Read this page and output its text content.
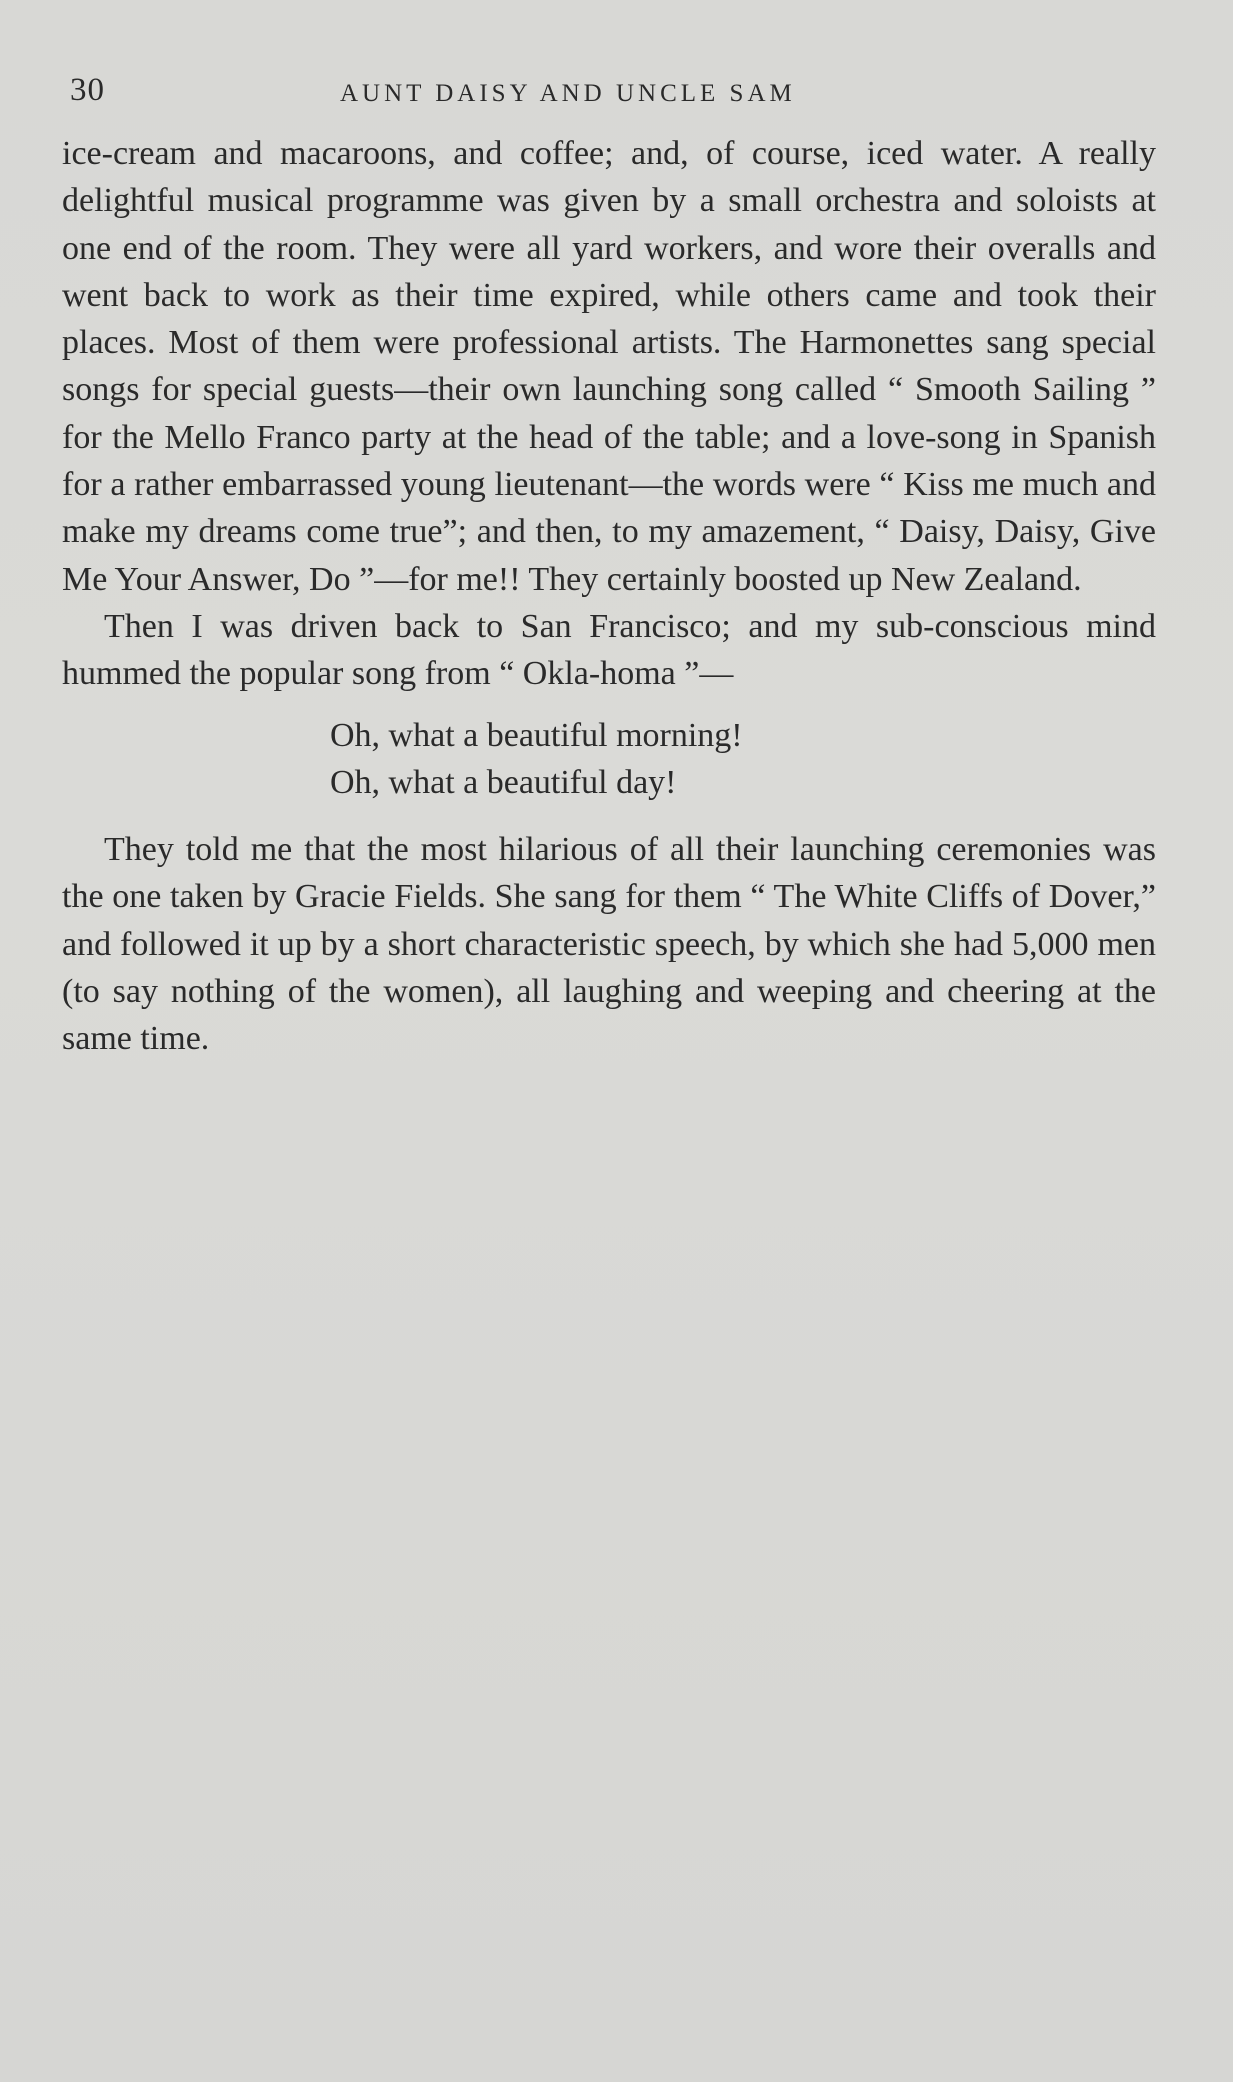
30	AUNT DAISY AND UNCLE SAM

ice-cream and macaroons, and coffee; and, of course, iced water. A really delightful musical programme was given by a small orchestra and soloists at one end of the room. They were all yard workers, and wore their overalls and went back to work as their time expired, while others came and took their places. Most of them were professional artists. The Harmonettes sang special songs for special guests—their own launching song called “ Smooth Sailing ” for the Mello Franco party at the head of the table; and a love-song in Spanish for a rather embarrassed young lieutenant—the words were “ Kiss me much and make my dreams come true”; and then, to my amazement, “ Daisy, Daisy, Give Me Your Answer, Do ”—for me!! They certainly boosted up New Zealand.

Then I was driven back to San Francisco; and my sub-conscious mind hummed the popular song from “ Okla-homa ”—

Oh, what a beautiful morning!
Oh, what a beautiful day!

They told me that the most hilarious of all their launching ceremonies was the one taken by Gracie Fields. She sang for them “ The White Cliffs of Dover,” and followed it up by a short characteristic speech, by which she had 5,000 men (to say nothing of the women), all laughing and weeping and cheering at the same time.
